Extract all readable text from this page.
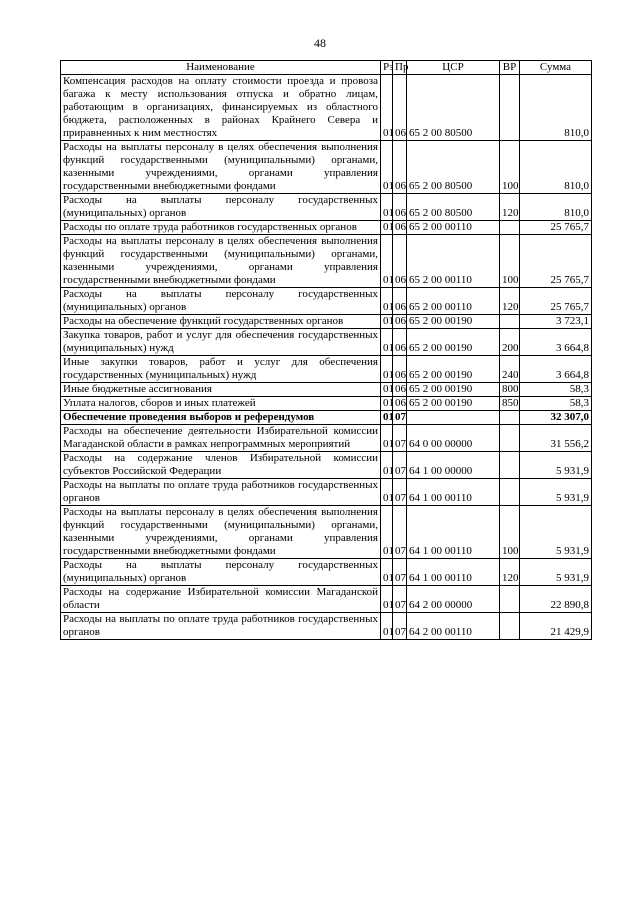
48
Наименование	Рз	Пр	ЦСР	ВР	Сумма
Компенсация расходов на оплату стоимости проезда и провоза багажа к месту использования отпуска и обратно лицам, работающим в организациях, финансируемых из областного бюджета, расположенных в районах Крайнего Севера и приравненных к ним местностях	01	06	65 2 00 80500		810,0
Расходы на выплаты персоналу в целях обеспечения выполнения функций государственными (муниципальными) органами, казенными учреждениями, органами управления государственными внебюджетными фондами	01	06	65 2 00 80500	100	810,0
Расходы на выплаты персоналу государственных (муниципальных) органов	01	06	65 2 00 80500	120	810,0
Расходы по оплате труда работников государственных органов	01	06	65 2 00 00110		25 765,7
Расходы на выплаты персоналу в целях обеспечения выполнения функций государственными (муниципальными) органами, казенными учреждениями, органами управления государственными внебюджетными фондами	01	06	65 2 00 00110	100	25 765,7
Расходы на выплаты персоналу государственных (муниципальных) органов	01	06	65 2 00 00110	120	25 765,7
Расходы на обеспечение функций государственных органов	01	06	65 2 00 00190		3 723,1
Закупка товаров, работ и услуг для обеспечения государственных (муниципальных) нужд	01	06	65 2 00 00190	200	3 664,8
Иные закупки товаров, работ и услуг для обеспечения государственных (муниципальных) нужд	01	06	65 2 00 00190	240	3 664,8
Иные бюджетные ассигнования	01	06	65 2 00 00190	800	58,3
Уплата налогов, сборов и иных платежей	01	06	65 2 00 00190	850	58,3
Обеспечение проведения выборов и референдумов	01	07			32 307,0
Расходы на обеспечение деятельности Избирательной комиссии Магаданской области в рамках непрограммных мероприятий	01	07	64 0 00 00000		31 556,2
Расходы на содержание членов Избирательной комиссии субъектов Российской Федерации	01	07	64 1 00 00000		5 931,9
Расходы на выплаты по оплате труда работников государственных органов	01	07	64 1 00 00110		5 931,9
Расходы на выплаты персоналу в целях обеспечения выполнения функций государственными (муниципальными) органами, казенными учреждениями, органами управления государственными внебюджетными фондами	01	07	64 1 00 00110	100	5 931,9
Расходы на выплаты персоналу государственных (муниципальных) органов	01	07	64 1 00 00110	120	5 931,9
Расходы на содержание Избирательной комиссии Магаданской области	01	07	64 2 00 00000		22 890,8
Расходы на выплаты по оплате труда работников государственных органов	01	07	64 2 00 00110		21 429,9
